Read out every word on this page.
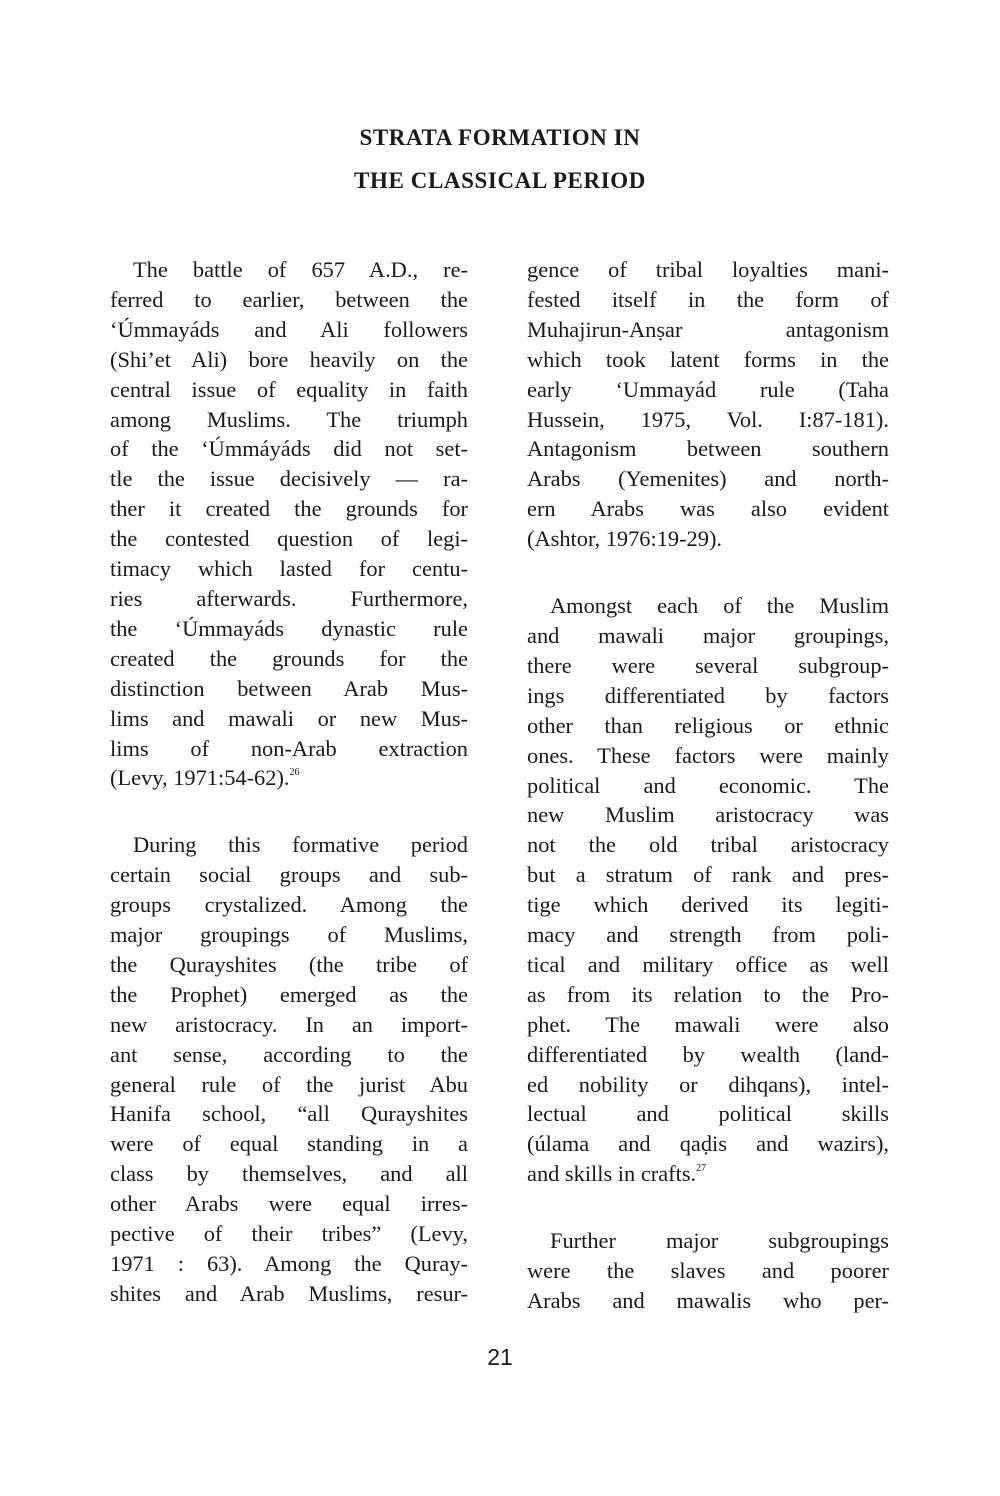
STRATA FORMATION IN
THE CLASSICAL PERIOD
The battle of 657 A.D., re-
ferred to earlier, between the
‘Úmmayáds and Ali followers
(Shi’et Ali) bore heavily on the
central issue of equality in faith
among Muslims. The triumph
of the ‘Úmmáyáds did not set-
tle the issue decisively — ra-
ther it created the grounds for
the contested question of legi-
timacy which lasted for centu-
ries afterwards. Furthermore,
the ‘Úmmayáds dynastic rule
created the grounds for the
distinction between Arab Mus-
lims and mawali or new Mus-
lims of non-Arab extraction
(Levy, 1971:54-62).$^{26}$
During this formative period
certain social groups and sub-
groups crystalized. Among the
major groupings of Muslims,
the Qurayshites (the tribe of
the Prophet) emerged as the
new aristocracy. In an import-
ant sense, according to the
general rule of the jurist Abu
Hanifa school, “all Qurayshites
were of equal standing in a
class by themselves, and all
other Arabs were equal irres-
pective of their tribes” (Levy,
1971 : 63). Among the Quray-
shites and Arab Muslims, resur-
gence of tribal loyalties mani-
fested itself in the form of
Muhajirun-Anṣar antagonism
which took latent forms in the
early ‘Ummayád rule (Taha
Hussein, 1975, Vol. I:87-181).
Antagonism between southern
Arabs (Yemenites) and north-
ern Arabs was also evident
(Ashtor, 1976:19-29).
Amongst each of the Muslim
and mawali major groupings,
there were several subgroup-
ings differentiated by factors
other than religious or ethnic
ones. These factors were mainly
political and economic. The
new Muslim aristocracy was
not the old tribal aristocracy
but a stratum of rank and pres-
tige which derived its legiti-
macy and strength from poli-
tical and military office as well
as from its relation to the Pro-
phet. The mawali were also
differentiated by wealth (land-
ed nobility or dihqans), intel-
lectual and political skills
(úlama and qaḍis and wazirs),
and skills in crafts.$^{27}$
Further major subgroupings
were the slaves and poorer
Arabs and mawalis who per-
21
